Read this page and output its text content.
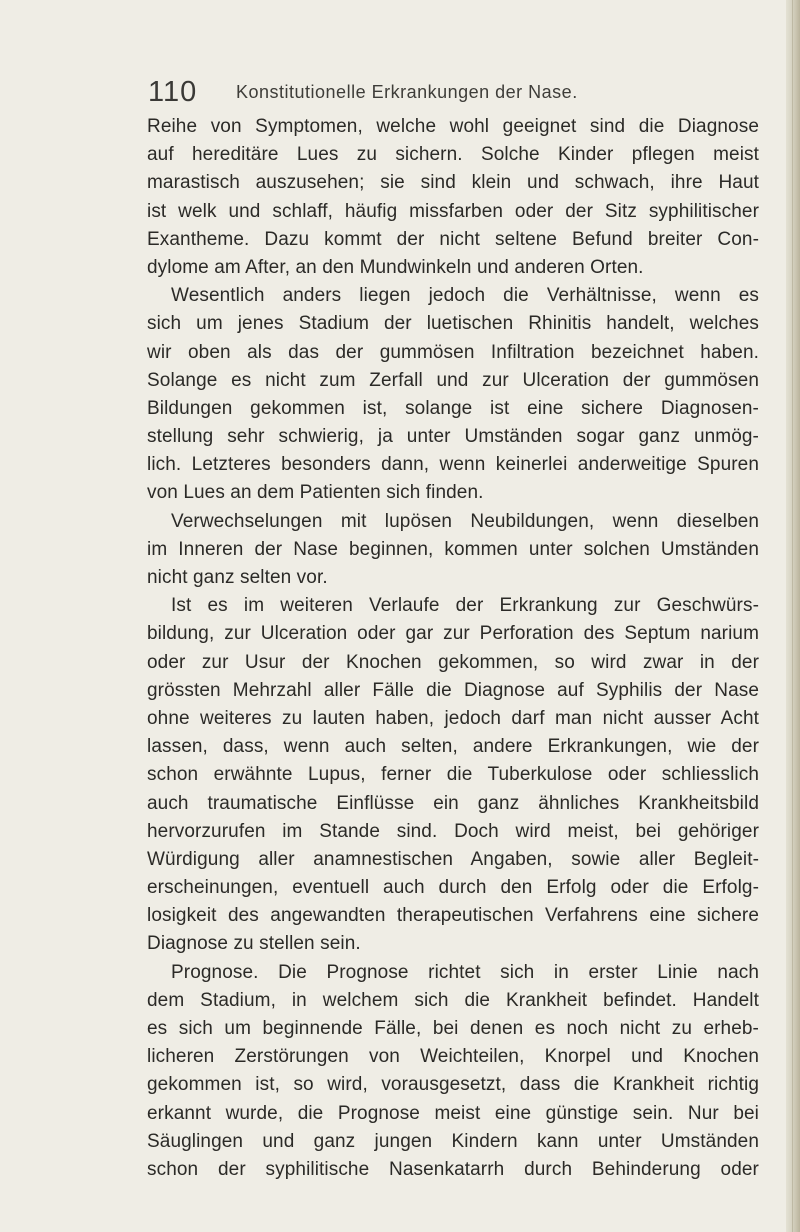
110 Konstitutionelle Erkrankungen der Nase.
Reihe von Symptomen, welche wohl geeignet sind die Diagnose
auf hereditäre Lues zu sichern. Solche Kinder pflegen meist
marastisch auszusehen; sie sind klein und schwach, ihre Haut
ist welk und schlaff, häufig missfarben oder der Sitz syphilitischer
Exantheme. Dazu kommt der nicht seltene Befund breiter Con-
dylome am After, an den Mundwinkeln und anderen Orten.
Wesentlich anders liegen jedoch die Verhältnisse, wenn es
sich um jenes Stadium der luetischen Rhinitis handelt, welches
wir oben als das der gummösen Infiltration bezeichnet haben.
Solange es nicht zum Zerfall und zur Ulceration der gummösen
Bildungen gekommen ist, solange ist eine sichere Diagnosen-
stellung sehr schwierig, ja unter Umständen sogar ganz unmög-
lich. Letzteres besonders dann, wenn keinerlei anderweitige Spuren
von Lues an dem Patienten sich finden.
Verwechselungen mit lupösen Neubildungen, wenn dieselben
im Inneren der Nase beginnen, kommen unter solchen Umständen
nicht ganz selten vor.
Ist es im weiteren Verlaufe der Erkrankung zur Geschwürs-
bildung, zur Ulceration oder gar zur Perforation des Septum narium
oder zur Usur der Knochen gekommen, so wird zwar in der
grössten Mehrzahl aller Fälle die Diagnose auf Syphilis der Nase
ohne weiteres zu lauten haben, jedoch darf man nicht ausser Acht
lassen, dass, wenn auch selten, andere Erkrankungen, wie der
schon erwähnte Lupus, ferner die Tuberkulose oder schliesslich
auch traumatische Einflüsse ein ganz ähnliches Krankheitsbild
hervorzurufen im Stande sind. Doch wird meist, bei gehöriger
Würdigung aller anamnestischen Angaben, sowie aller Begleit-
erscheinungen, eventuell auch durch den Erfolg oder die Erfolg-
losigkeit des angewandten therapeutischen Verfahrens eine sichere
Diagnose zu stellen sein.
Prognose. Die Prognose richtet sich in erster Linie nach
dem Stadium, in welchem sich die Krankheit befindet. Handelt
es sich um beginnende Fälle, bei denen es noch nicht zu erheb-
licheren Zerstörungen von Weichteilen, Knorpel und Knochen
gekommen ist, so wird, vorausgesetzt, dass die Krankheit richtig
erkannt wurde, die Prognose meist eine günstige sein. Nur bei
Säuglingen und ganz jungen Kindern kann unter Umständen
schon der syphilitische Nasenkatarrh durch Behinderung oder
